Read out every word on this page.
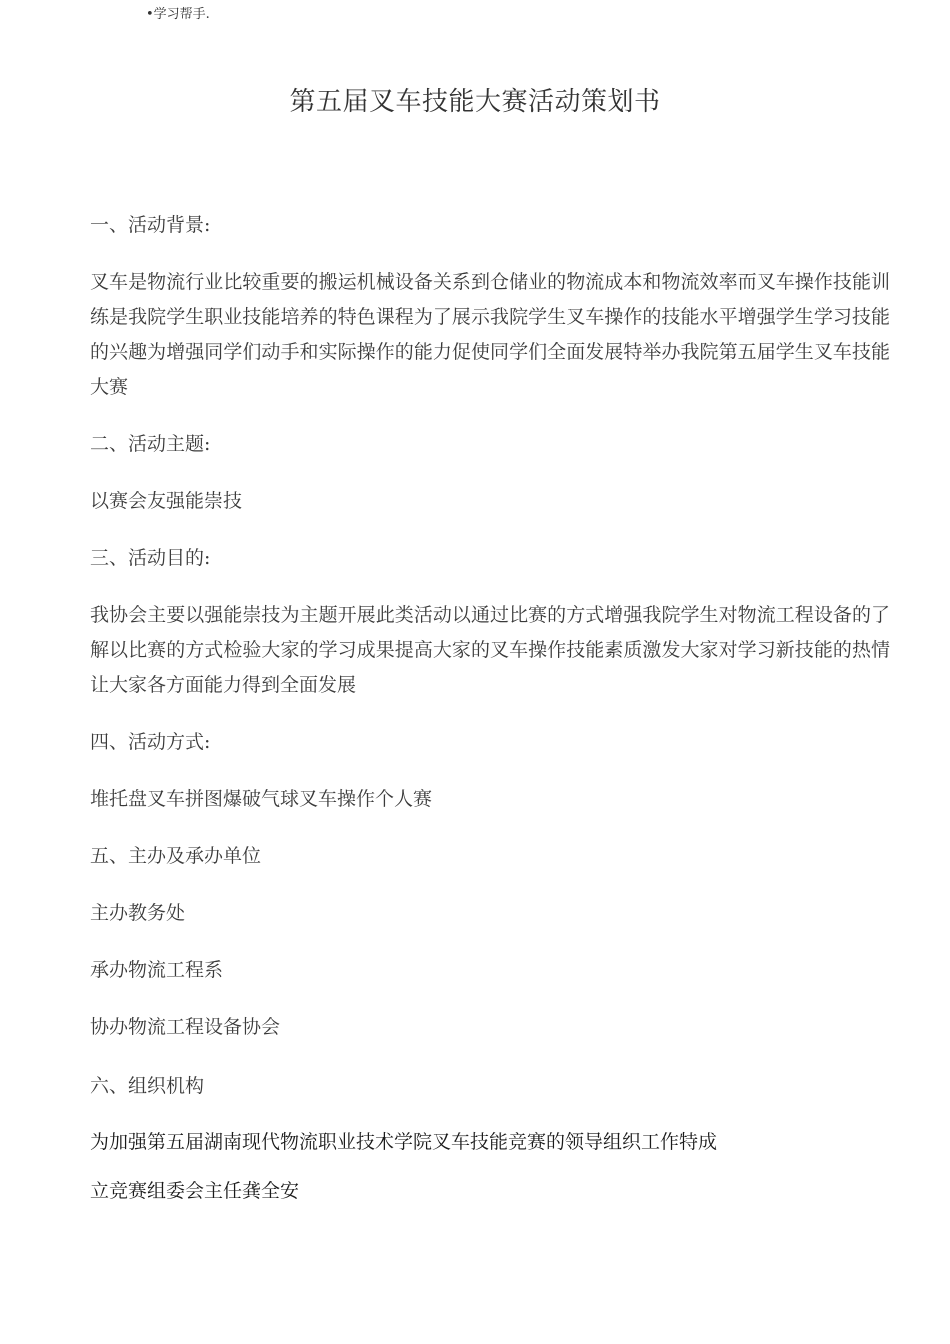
•学习帮手.
第五届叉车技能大赛活动策划书

一、活动背景:

叉车是物流行业比较重要的搬运机械设备关系到仓储业的物流成本和物流效率而叉车操作技能训练是我院学生职业技能培养的特色课程为了展示我院学生叉车操作的技能水平增强学生学习技能的兴趣为增强同学们动手和实际操作的能力促使同学们全面发展特举办我院第五届学生叉车技能大赛

二、活动主题:

以赛会友强能崇技

三、活动目的:

我协会主要以强能崇技为主题开展此类活动以通过比赛的方式增强我院学生对物流工程设备的了解以比赛的方式检验大家的学习成果提高大家的叉车操作技能素质激发大家对学习新技能的热情让大家各方面能力得到全面发展

四、活动方式:

堆托盘叉车拼图爆破气球叉车操作个人赛

五、主办及承办单位

主办教务处

承办物流工程系

协办物流工程设备协会

六、组织机构

为加强第五届湖南现代物流职业技术学院叉车技能竞赛的领导组织工作特成

立竞赛组委会主任龚全安
